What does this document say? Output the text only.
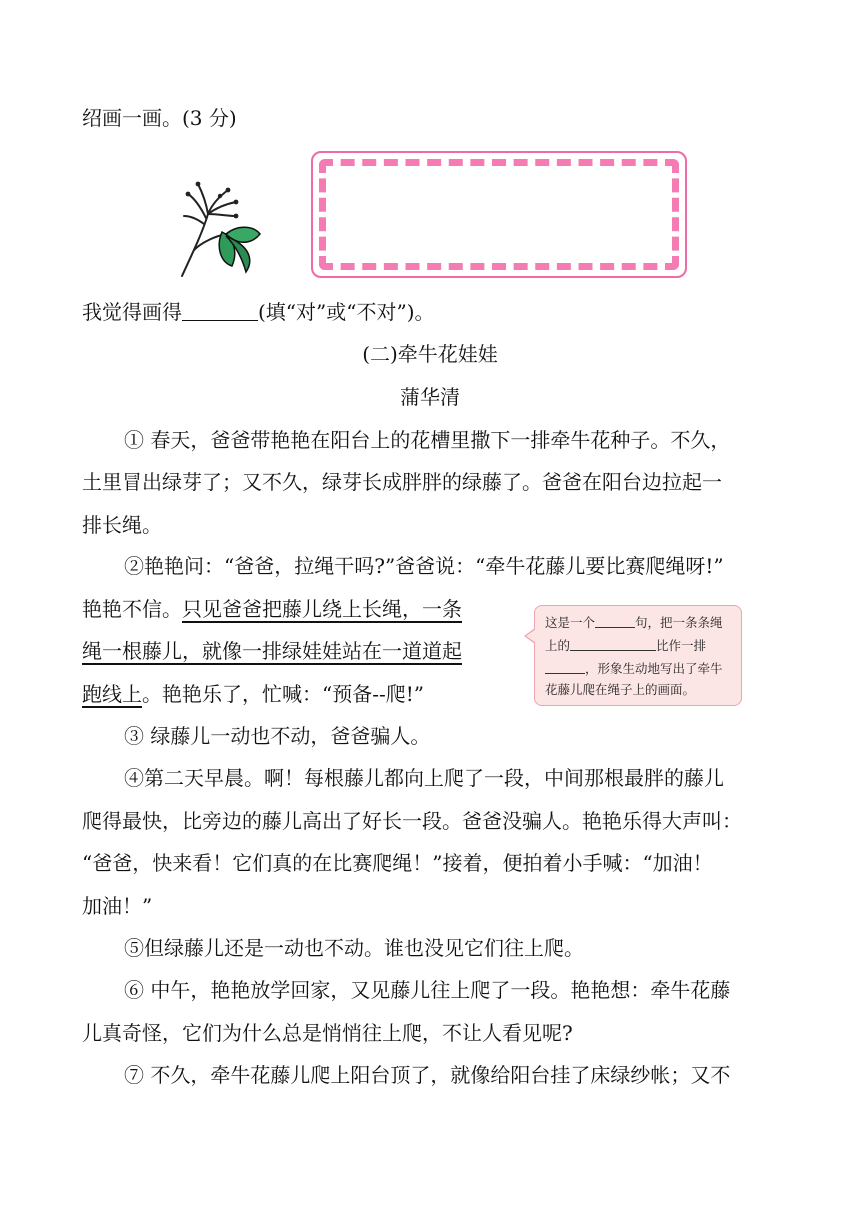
绍画一画。(3 分)
我觉得画得	(填“对”或“不对”)。
(二)牵牛花娃娃
蒲华清
① 春天，爸爸带艳艳在阳台上的花槽里撒下一排牵牛花种子。不久，
土里冒出绿芽了；又不久，绿芽长成胖胖的绿藤了。爸爸在阳台边拉起一
排长绳。
②艳艳问：“爸爸，拉绳干吗?”爸爸说：“牵牛花藤儿要比赛爬绳呀!”
艳艳不信。只见爸爸把藤儿绕上长绳，一条
绳一根藤儿，就像一排绿娃娃站在一道道起
跑线上。艳艳乐了，忙喊：“预备--爬!”
这是一个	句，把一条条绳
上的	比作一排
，形象生动地写出了牵牛
花藤儿爬在绳子上的画面。
③ 绿藤儿一动也不动，爸爸骗人。
④第二天早晨。啊！每根藤儿都向上爬了一段，中间那根最胖的藤儿
爬得最快，比旁边的藤儿高出了好长一段。爸爸没骗人。艳艳乐得大声叫：
“爸爸，快来看！它们真的在比赛爬绳！”接着，便拍着小手喊：“加油！
加油！”
⑤但绿藤儿还是一动也不动。谁也没见它们往上爬。
⑥ 中午，艳艳放学回家，又见藤儿往上爬了一段。艳艳想：牵牛花藤
儿真奇怪，它们为什么总是悄悄往上爬，不让人看见呢?
⑦ 不久，牵牛花藤儿爬上阳台顶了，就像给阳台挂了床绿纱帐；又不
